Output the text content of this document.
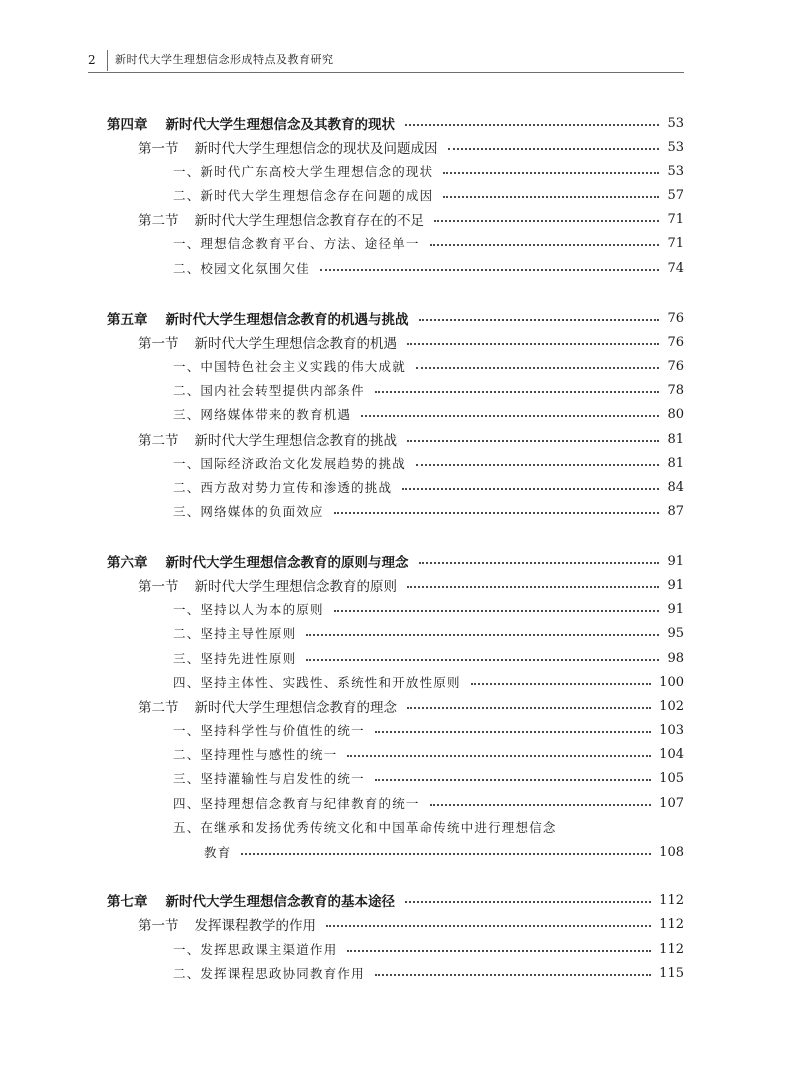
2	新时代大学生理想信念形成特点及教育研究
第四章 新时代大学生理想信念及其教育的现状	53
第一节 新时代大学生理想信念的现状及问题成因	53
一、新时代广东高校大学生理想信念的现状	53
二、新时代大学生理想信念存在问题的成因	57
第二节 新时代大学生理想信念教育存在的不足	71
一、理想信念教育平台、方法、途径单一	71
二、校园文化氛围欠佳	74
第五章 新时代大学生理想信念教育的机遇与挑战	76
第一节 新时代大学生理想信念教育的机遇	76
一、中国特色社会主义实践的伟大成就	76
二、国内社会转型提供内部条件	78
三、网络媒体带来的教育机遇	80
第二节 新时代大学生理想信念教育的挑战	81
一、国际经济政治文化发展趋势的挑战	81
二、西方敌对势力宣传和渗透的挑战	84
三、网络媒体的负面效应	87
第六章 新时代大学生理想信念教育的原则与理念	91
第一节 新时代大学生理想信念教育的原则	91
一、坚持以人为本的原则	91
二、坚持主导性原则	95
三、坚持先进性原则	98
四、坚持主体性、实践性、系统性和开放性原则	100
第二节 新时代大学生理想信念教育的理念	102
一、坚持科学性与价值性的统一	103
二、坚持理性与感性的统一	104
三、坚持灌输性与启发性的统一	105
四、坚持理想信念教育与纪律教育的统一	107
五、在继承和发扬优秀传统文化和中国革命传统中进行理想信念
教育	108
第七章 新时代大学生理想信念教育的基本途径	112
第一节 发挥课程教学的作用	112
一、发挥思政课主渠道作用	112
二、发挥课程思政协同教育作用	115
